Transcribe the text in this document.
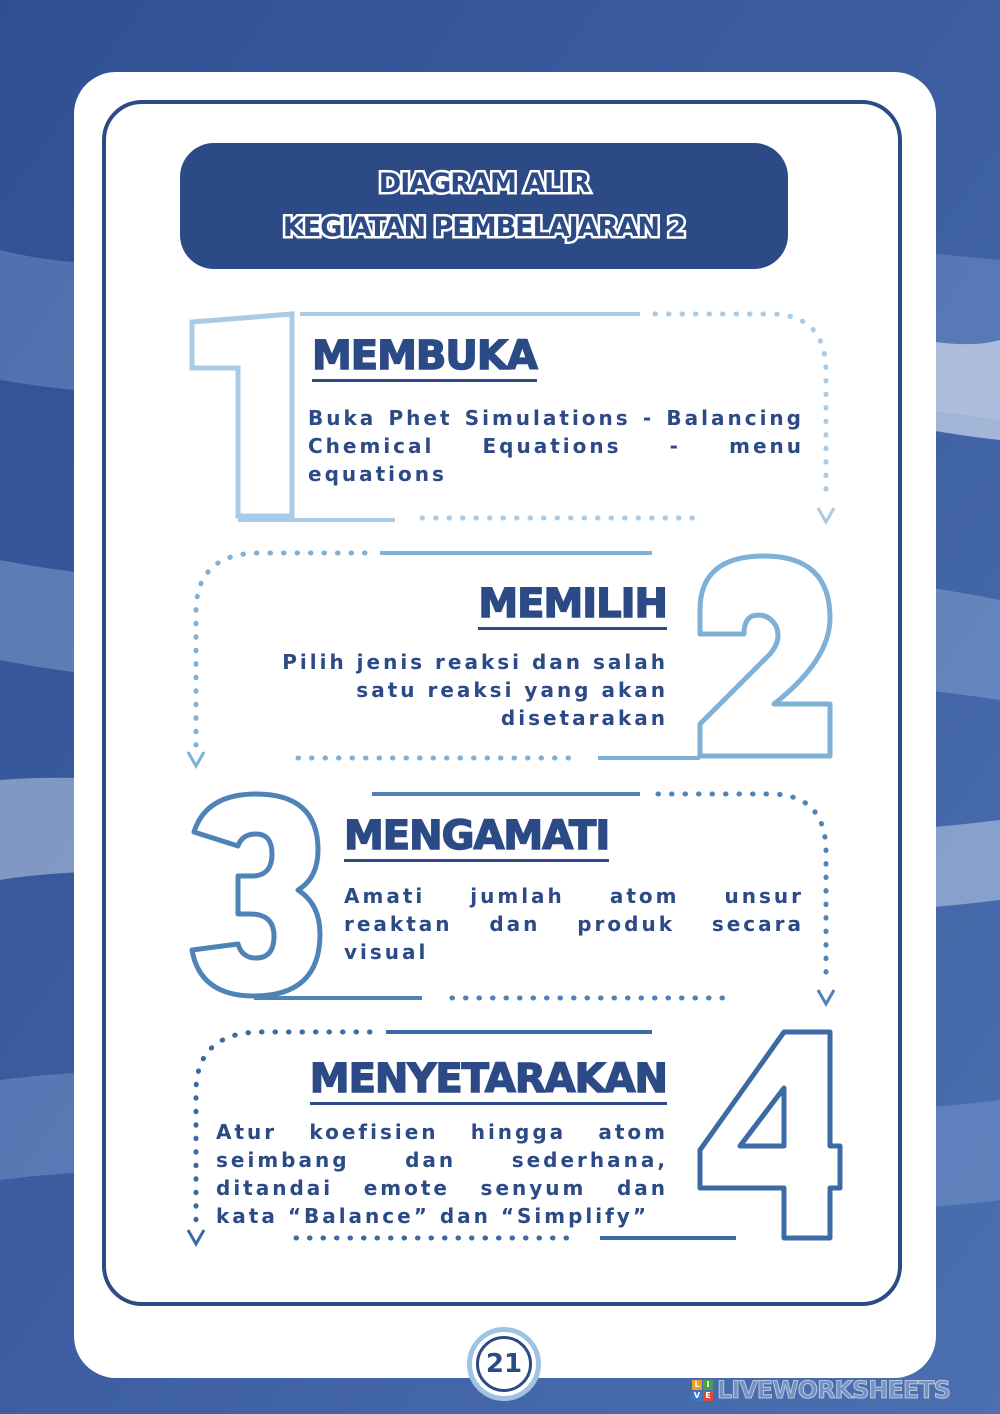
DIAGRAM ALIR
KEGIATAN PEMBELAJARAN 2
MEMBUKA
Buka Phet Simulations - Balancing Chemical Equations - menu equations
MEMILIH
Pilih jenis reaksi dan salah satu reaksi yang akan disetarakan
MENGAMATI
Amati jumlah atom unsur reaktan dan produk secara visual
MENYETARAKAN
Atur koefisien hingga atom seimbang dan sederhana, ditandai emote senyum dan kata “Balance” dan “Simplify”
21
L I
V E LIVEWORKSHEETS
